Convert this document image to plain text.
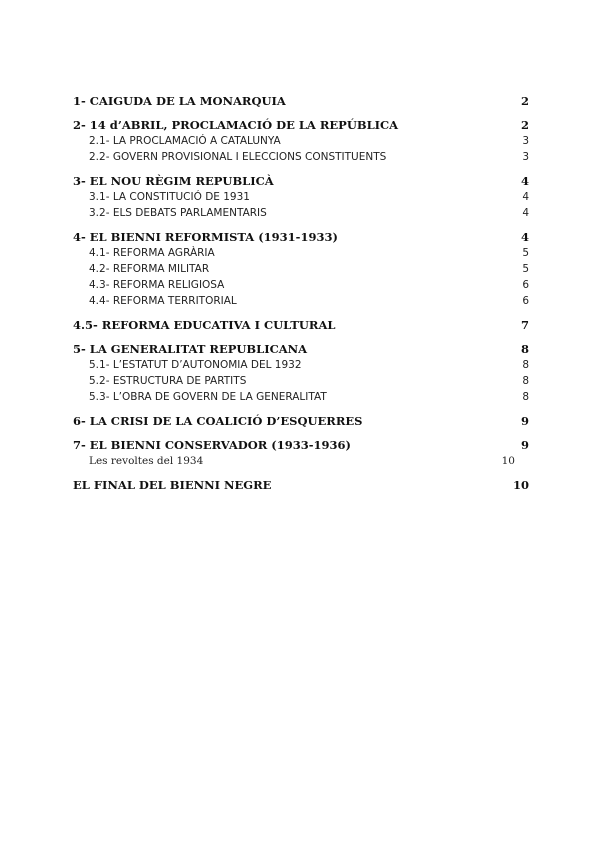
1- CAIGUDA DE LA MONARQUIA	2
2- 14 d’ABRIL, PROCLAMACIÓ DE LA REPÚBLICA	2
2.1- LA PROCLAMACIÓ A CATALUNYA	3
2.2- GOVERN PROVISIONAL I ELECCIONS CONSTITUENTS	3
3- EL NOU RÈGIM REPUBLICÀ	4
3.1- LA CONSTITUCIÓ DE 1931	4
3.2- ELS DEBATS PARLAMENTARIS	4
4- EL BIENNI REFORMISTA (1931-1933)	4
4.1- REFORMA AGRÀRIA	5
4.2- REFORMA MILITAR	5
4.3- REFORMA RELIGIOSA	6
4.4- REFORMA TERRITORIAL	6
4.5- REFORMA EDUCATIVA I CULTURAL	7
5- LA GENERALITAT REPUBLICANA	8
5.1- L’ESTATUT D’AUTONOMIA DEL 1932	8
5.2- ESTRUCTURA DE PARTITS	8
5.3- L’OBRA DE GOVERN DE LA GENERALITAT	8
6- LA CRISI DE LA COALICIÓ D’ESQUERRES	9
7- EL BIENNI CONSERVADOR (1933-1936)	9
Les revoltes del 1934	10
EL FINAL DEL BIENNI NEGRE	10
